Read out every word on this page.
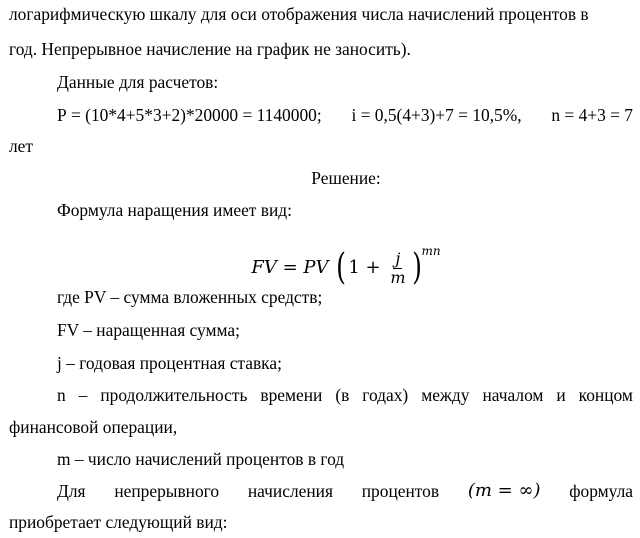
логарифмическую шкалу для оси отображения числа начислений процентов в
год. Непрерывное начисление на график не заносить).
Данные для расчетов:
Р = (10*4+5*3+2)*20000 = 1140000; i = 0,5(4+3)+7 = 10,5%, n = 4+3 = 7
лет
Решение:
Формула наращения имеет вид:
FV = PV ( $1 + \frac{j}{m} )^{mn}$
где PV – сумма вложенных средств;
FV – наращенная сумма;
j – годовая процентная ставка;
n – продолжительность времени (в годах) между началом и концом
финансовой операции,
m – число начислений процентов в год
Для непрерывного начисления процентов (m = ∞) формула
приобретает следующий вид:
